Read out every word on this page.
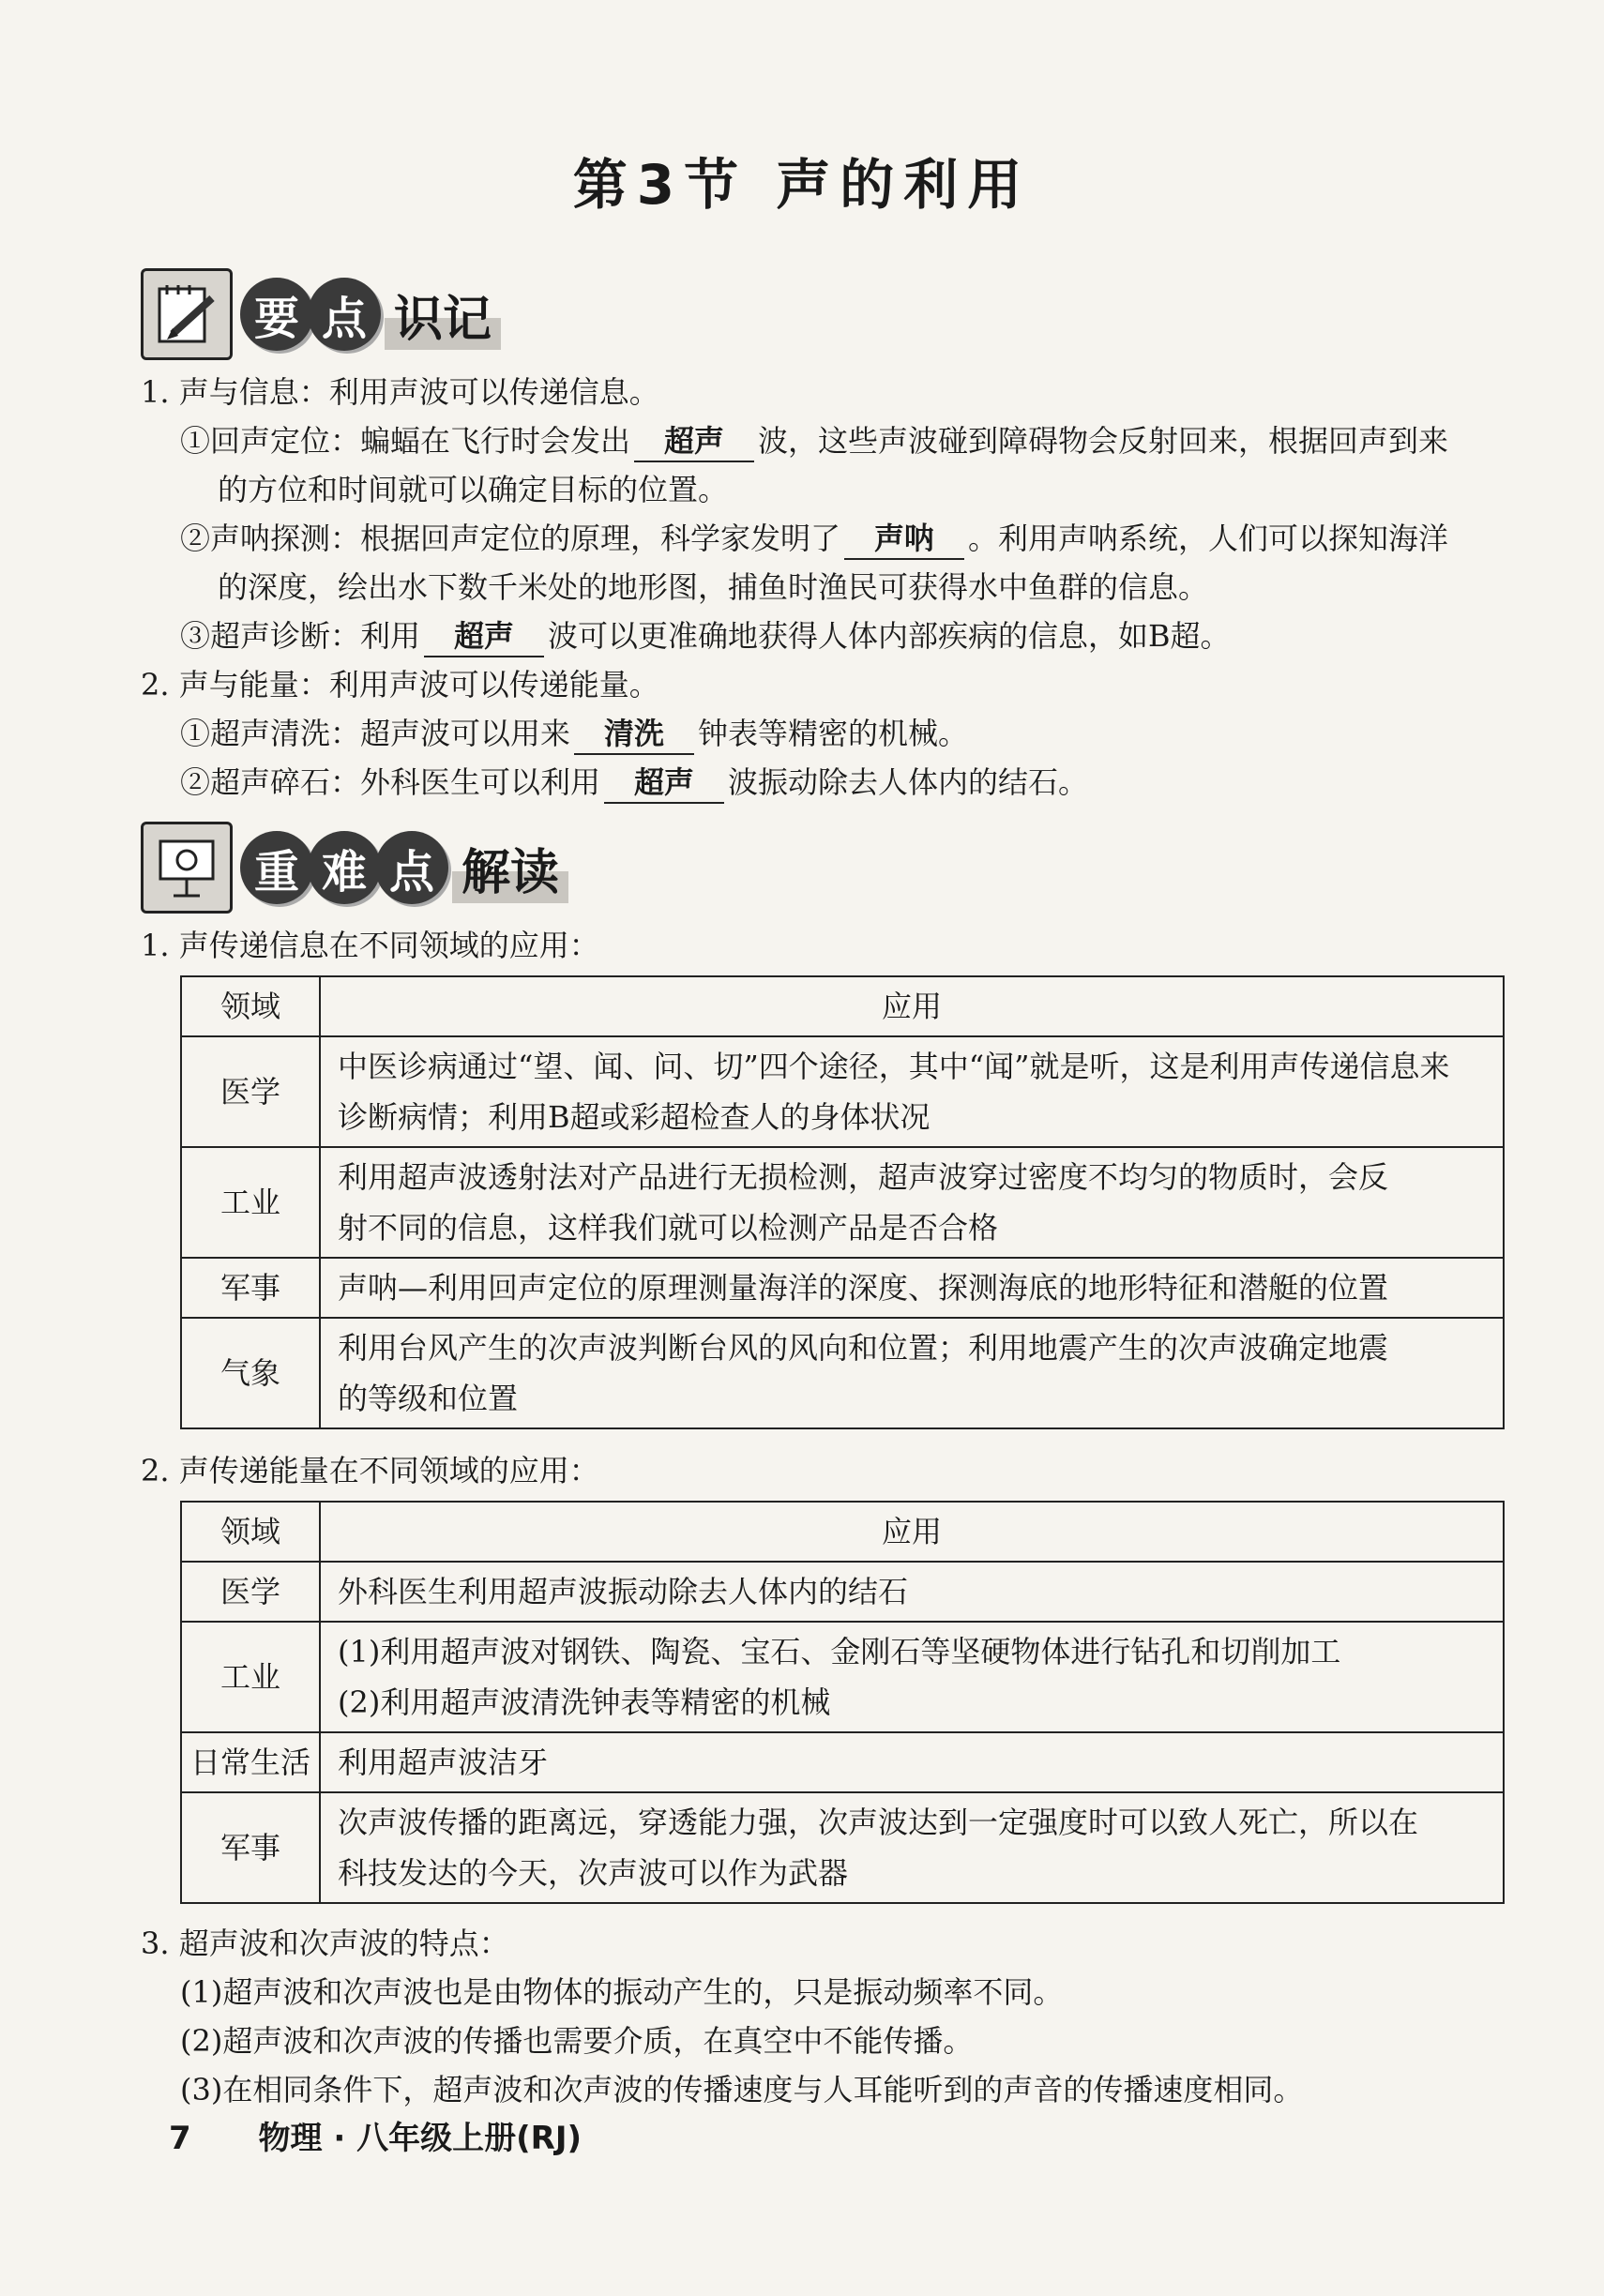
第3节 声的利用
要 点 识记
1. 声与信息：利用声波可以传递信息。
①回声定位：蝙蝠在飞行时会发出 超声 波，这些声波碰到障碍物会反射回来，根据回声到来
的方位和时间就可以确定目标的位置。
②声呐探测：根据回声定位的原理，科学家发明了 声呐 。利用声呐系统，人们可以探知海洋
的深度，绘出水下数千米处的地形图，捕鱼时渔民可获得水中鱼群的信息。
③超声诊断：利用 超声 波可以更准确地获得人体内部疾病的信息，如B超。
2. 声与能量：利用声波可以传递能量。
①超声清洗：超声波可以用来 清洗 钟表等精密的机械。
②超声碎石：外科医生可以利用 超声 波振动除去人体内的结石。
重 难 点 解读
1. 声传递信息在不同领域的应用：
领域	应用
医学	中医诊病通过“望、闻、问、切”四个途径，其中“闻”就是听，这是利用声传递信息来
诊断病情；利用B超或彩超检查人的身体状况

工业	利用超声波透射法对产品进行无损检测，超声波穿过密度不均匀的物质时，会反
射不同的信息，这样我们就可以检测产品是否合格

军事	声呐—利用回声定位的原理测量海洋的深度、探测海底的地形特征和潜艇的位置

气象	利用台风产生的次声波判断台风的风向和位置；利用地震产生的次声波确定地震
的等级和位置
2. 声传递能量在不同领域的应用：
领域	应用
医学	外科医生利用超声波振动除去人体内的结石

工业	(1)利用超声波对钢铁、陶瓷、宝石、金刚石等坚硬物体进行钻孔和切削加工
(2)利用超声波清洗钟表等精密的机械

日常生活	利用超声波洁牙

军事	次声波传播的距离远，穿透能力强，次声波达到一定强度时可以致人死亡，所以在
科技发达的今天，次声波可以作为武器
3. 超声波和次声波的特点：
(1)超声波和次声波也是由物体的振动产生的，只是振动频率不同。
(2)超声波和次声波的传播也需要介质，在真空中不能传播。
(3)在相同条件下，超声波和次声波的传播速度与人耳能听到的声音的传播速度相同。
7 物理 · 八年级上册(RJ)
